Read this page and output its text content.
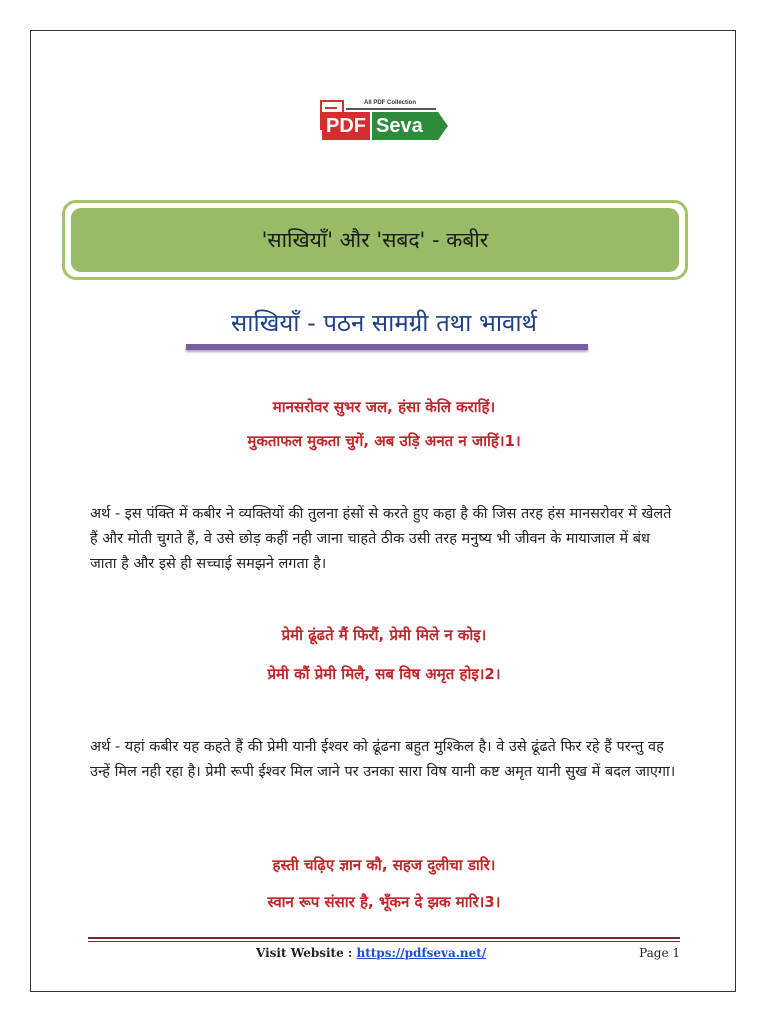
All PDF Collection
PDF Seva
'साखियाँ' और 'सबद' - कबीर
साखियाँ - पठन सामग्री तथा भावार्थ
मानसरोवर सुभर जल, हंसा केलि कराहिं।
मुकताफल मुकता चुगें, अब उड़ि अनत न जाहिं।1।
अर्थ - इस पंक्ति में कबीर ने व्यक्तियों की तुलना हंसों से करते हुए कहा है की जिस तरह हंस मानसरोवर में खेलते हैं और मोती चुगते हैं, वे उसे छोड़ कहीं नही जाना चाहते ठीक उसी तरह मनुष्य भी जीवन के मायाजाल में बंध जाता है और इसे ही सच्चाई समझने लगता है।
प्रेमी ढूंढते मैं फिरौं, प्रेमी मिले न कोइ।
प्रेमी कौं प्रेमी मिलै, सब विष अमृत होइ।2।
अर्थ - यहां कबीर यह कहते हैं की प्रेमी यानी ईश्वर को ढूंढना बहुत मुश्किल है। वे उसे ढूंढते फिर रहे हैं परन्तु वह उन्हें मिल नही रहा है। प्रेमी रूपी ईश्वर मिल जाने पर उनका सारा विष यानी कष्ट अमृत यानी सुख में बदल जाएगा।
हस्ती चढ़िए ज्ञान कौ, सहज दुलीचा डारि।
स्वान रूप संसार है, भूँकन दे झक मारि।3।
Visit Website : https://pdfseva.net/	Page 1
